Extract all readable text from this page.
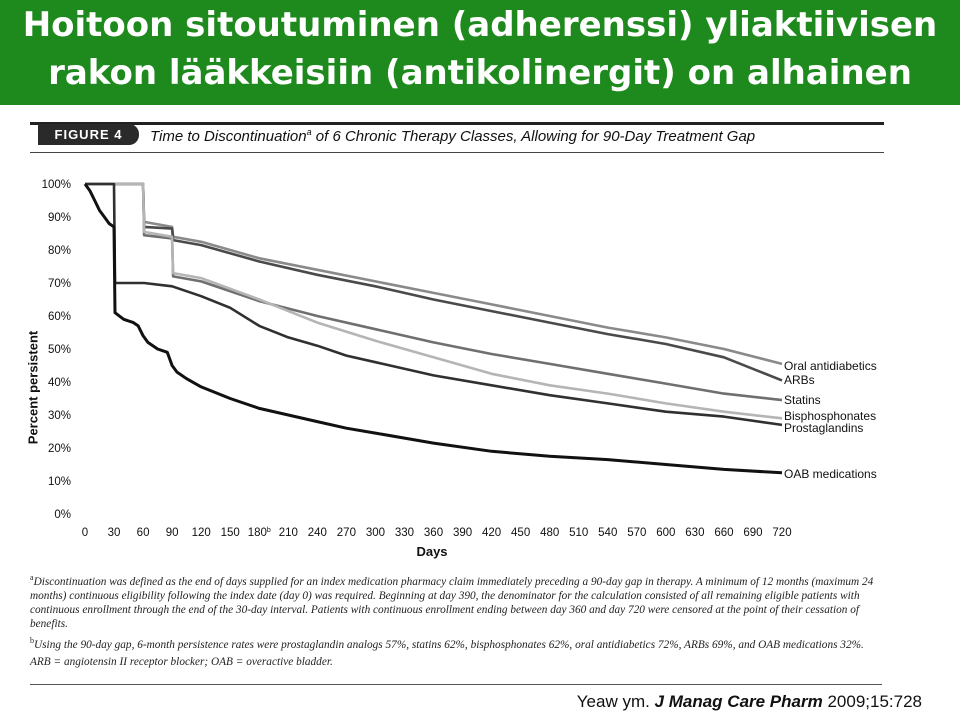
Hoitoon sitoutuminen (adherenssi) yliaktiivisen
rakon lääkkeisiin (antikolinergit) on alhainen
FIGURE 4	Time to Discontinuation$^a$ of 6 Chronic Therapy Classes, Allowing for 90-Day Treatment Gap
0 30 60 90 120 150 180$^b$ 210 240 270 300 330 360 390 420 450 480 510 540 570 600 630 660 690 720
0%
10%
20%
30%
40%
50%
60%
70%
80%
90%
100%
Oral antidiabetics
ARBs
Statins
Bisphosphonates
Prostaglandins
OAB medications
Days
Percent persistent

$^a$Discontinuation was defined as the end of days supplied for an index medication pharmacy claim immediately preceding a 90-day gap in therapy. A minimum of 12 months (maximum 24 months) continuous eligibility following the index date (day 0) was required. Beginning at day 390, the denominator for the calculation consisted of all remaining eligible patients with continuous enrollment through the end of the 30-day interval. Patients with continuous enrollment ending between day 360 and day 720 were censored at the point of their cessation of benefits.

$^b$Using the 90-day gap, 6-month persistence rates were prostaglandin analogs 57%, statins 62%, bisphosphonates 62%, oral antidiabetics 72%, ARBs 69%, and OAB medications 32%.

ARB = angiotensin II receptor blocker; OAB = overactive bladder.

Yeaw ym. J Manag Care Pharm 2009;15:728
